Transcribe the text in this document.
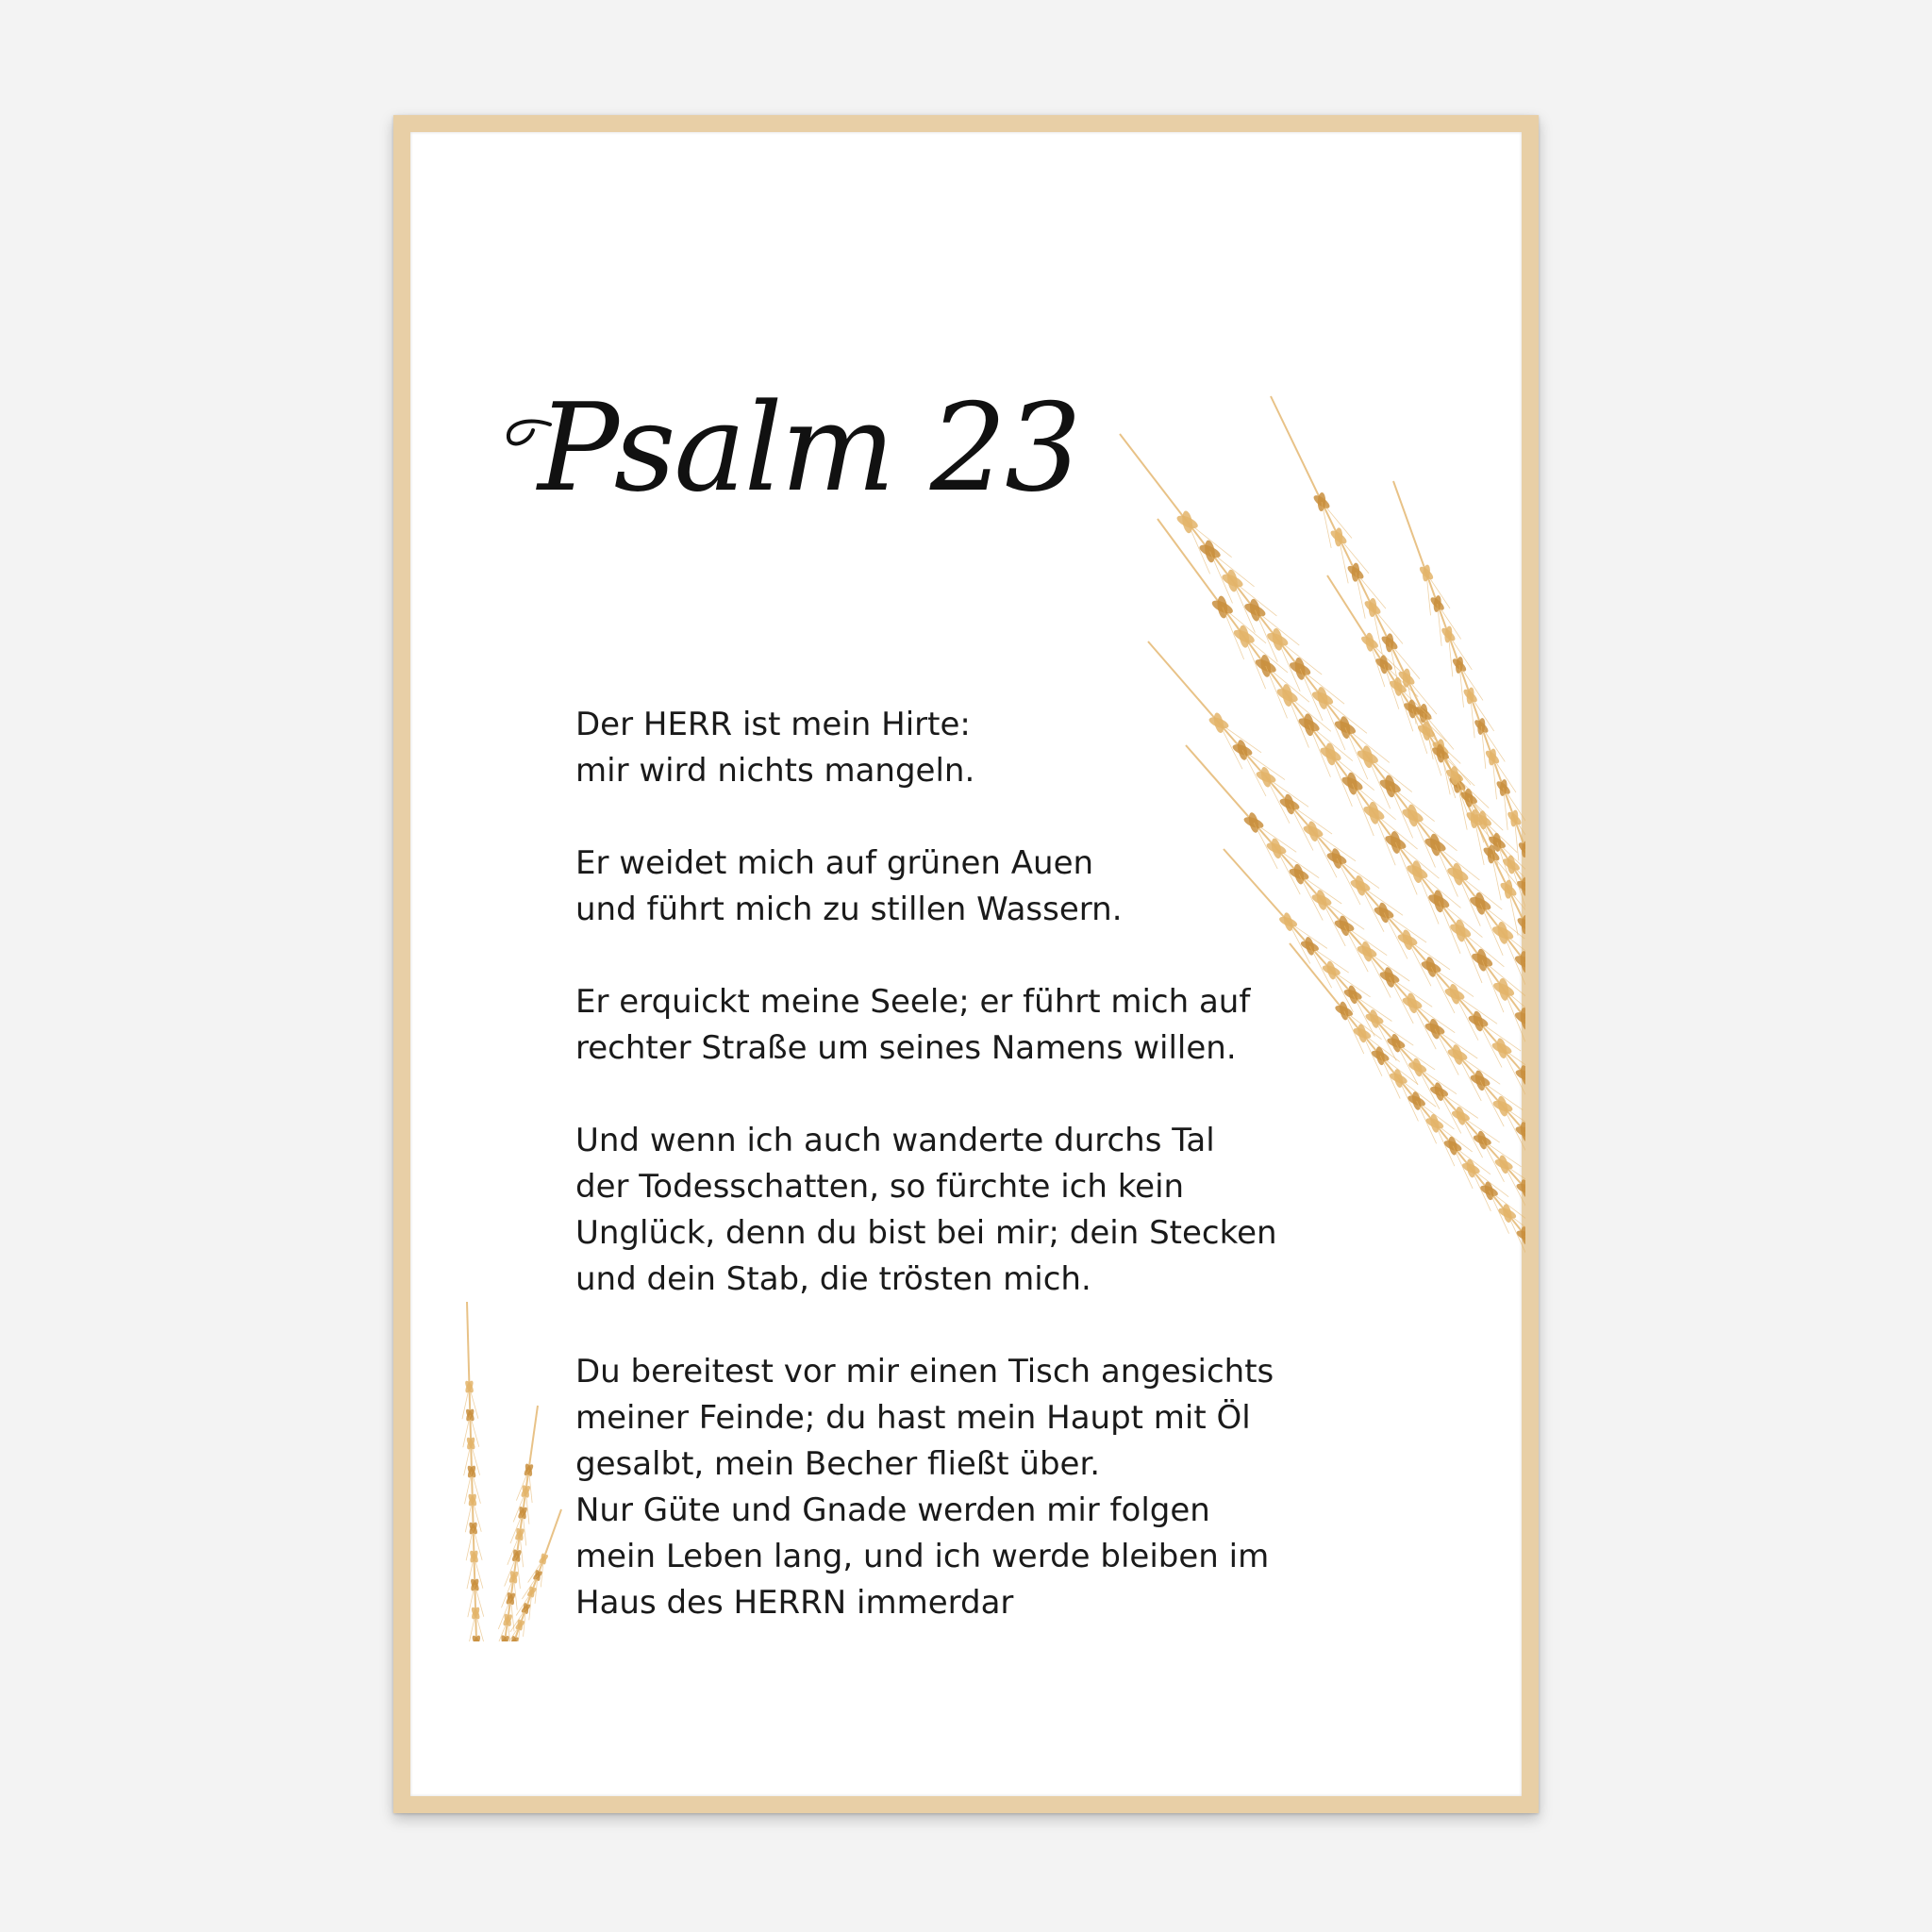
Psalm 23
Der HERR ist mein Hirte:
mir wird nichts mangeln.
Er weidet mich auf grünen Auen
und führt mich zu stillen Wassern.
Er erquickt meine Seele; er führt mich auf
rechter Straße um seines Namens willen.
Und wenn ich auch wanderte durchs Tal
der Todesschatten, so fürchte ich kein
Unglück, denn du bist bei mir; dein Stecken
und dein Stab, die trösten mich.
Du bereitest vor mir einen Tisch angesichts
meiner Feinde; du hast mein Haupt mit Öl
gesalbt, mein Becher fließt über.
Nur Güte und Gnade werden mir folgen
mein Leben lang, und ich werde bleiben im
Haus des HERRN immerdar
